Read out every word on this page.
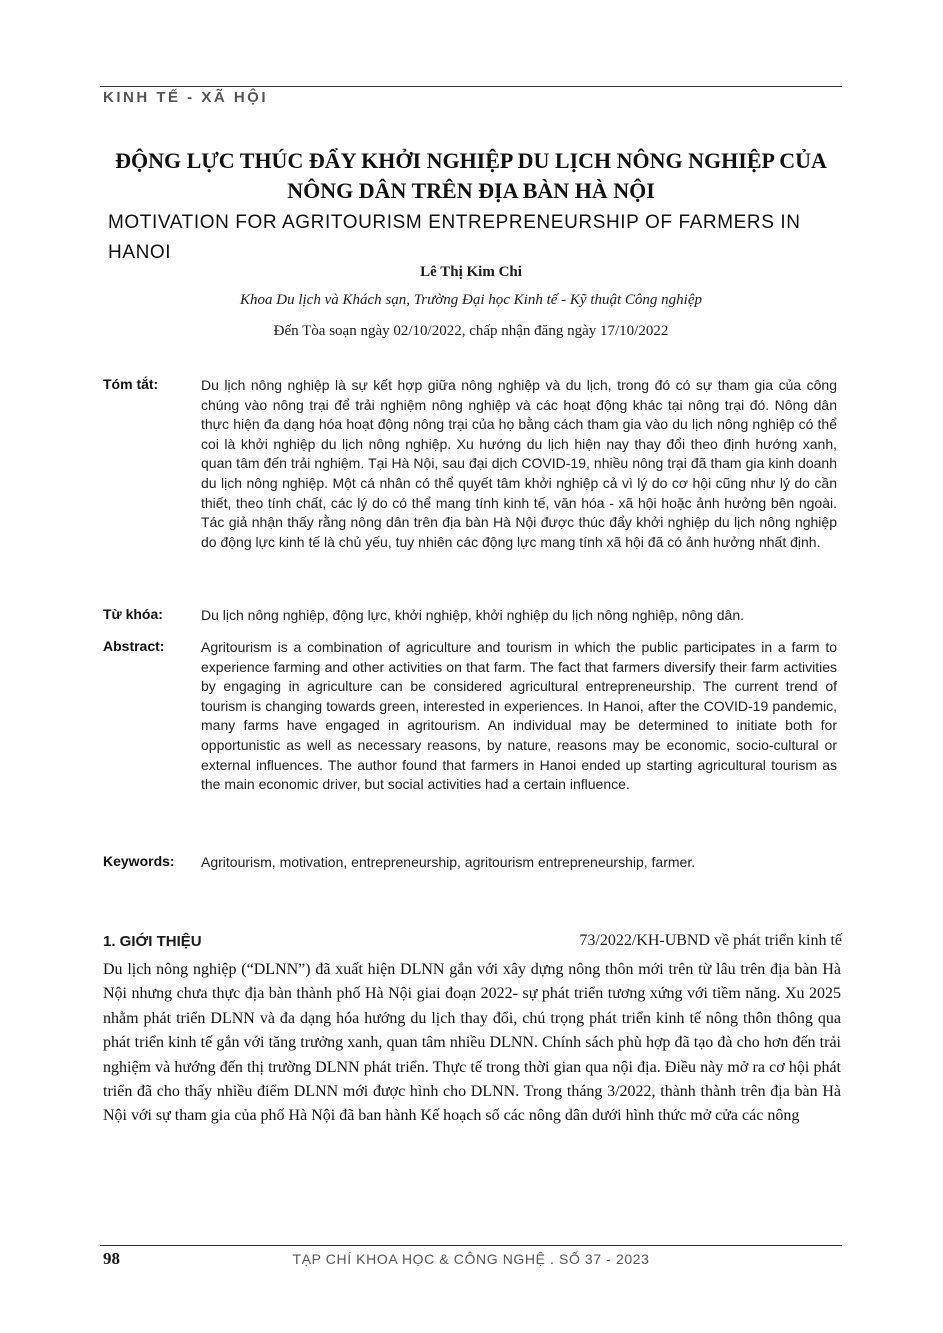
KINH TẾ - XÃ HỘI
ĐỘNG LỰC THÚC ĐẨY KHỞI NGHIỆP DU LỊCH NÔNG NGHIỆP CỦA NÔNG DÂN TRÊN ĐỊA BÀN HÀ NỘI
MOTIVATION FOR AGRITOURISM ENTREPRENEURSHIP OF FARMERS IN HANOI
Lê Thị Kim Chi
Khoa Du lịch và Khách sạn, Trường Đại học Kinh tế - Kỹ thuật Công nghiệp
Đến Tòa soạn ngày 02/10/2022, chấp nhận đăng ngày 17/10/2022
Tóm tắt:	Du lịch nông nghiệp là sự kết hợp giữa nông nghiệp và du lịch, trong đó có sự tham gia của công chúng vào nông trại để trải nghiệm nông nghiệp và các hoạt động khác tại nông trại đó. Nông dân thực hiện đa dạng hóa hoạt động nông trại của họ bằng cách tham gia vào du lịch nông nghiệp có thể coi là khởi nghiệp du lịch nông nghiệp. Xu hướng du lịch hiện nay thay đổi theo định hướng xanh, quan tâm đến trải nghiệm. Tại Hà Nội, sau đại dịch COVID-19, nhiều nông trại đã tham gia kinh doanh du lịch nông nghiệp. Một cá nhân có thể quyết tâm khởi nghiệp cả vì lý do cơ hội cũng như lý do cần thiết, theo tính chất, các lý do có thể mang tính kinh tế, văn hóa - xã hội hoặc ảnh hưởng bên ngoài. Tác giả nhận thấy rằng nông dân trên địa bàn Hà Nội được thúc đẩy khởi nghiệp du lịch nông nghiệp do động lực kinh tế là chủ yếu, tuy nhiên các động lực mang tính xã hội đã có ảnh hưởng nhất định.
Từ khóa:	Du lịch nông nghiệp, động lực, khởi nghiệp, khởi nghiệp du lịch nông nghiệp, nông dân.
Abstract:	Agritourism is a combination of agriculture and tourism in which the public participates in a farm to experience farming and other activities on that farm. The fact that farmers diversify their farm activities by engaging in agriculture can be considered agricultural entrepreneurship. The current trend of tourism is changing towards green, interested in experiences. In Hanoi, after the COVID-19 pandemic, many farms have engaged in agritourism. An individual may be determined to initiate both for opportunistic as well as necessary reasons, by nature, reasons may be economic, socio-cultural or external influences. The author found that farmers in Hanoi ended up starting agricultural tourism as the main economic driver, but social activities had a certain influence.
Keywords: Agritourism, motivation, entrepreneurship, agritourism entrepreneurship, farmer.
1. GIỚI THIỆU	73/2022/KH-UBND về phát triển kinh tế
Du lịch nông nghiệp (“DLNN”) đã xuất hiện DLNN gắn với xây dựng nông thôn mới trên từ lâu trên địa bàn Hà Nội nhưng chưa thực địa bàn thành phố Hà Nội giai đoạn 2022- sự phát triển tương xứng với tiềm năng. Xu 2025 nhằm phát triển DLNN và đa dạng hóa hướng du lịch thay đổi, chú trọng phát triển kinh tế nông thôn thông qua phát triển kinh tế gắn với tăng trưởng xanh, quan tâm nhiều DLNN. Chính sách phù hợp đã tạo đà cho hơn đến trải nghiệm và hướng đến thị trường DLNN phát triển. Thực tế trong thời gian qua nội địa. Điều này mở ra cơ hội phát triển đã cho thấy nhiều điểm DLNN mới được hình cho DLNN. Trong tháng 3/2022, thành thành trên địa bàn Hà Nội với sự tham gia của phố Hà Nội đã ban hành Kế hoạch số các nông dân dưới hình thức mở cửa các nông
98	TẠP CHÍ KHOA HỌC & CÔNG NGHỆ . SỐ 37 - 2023
